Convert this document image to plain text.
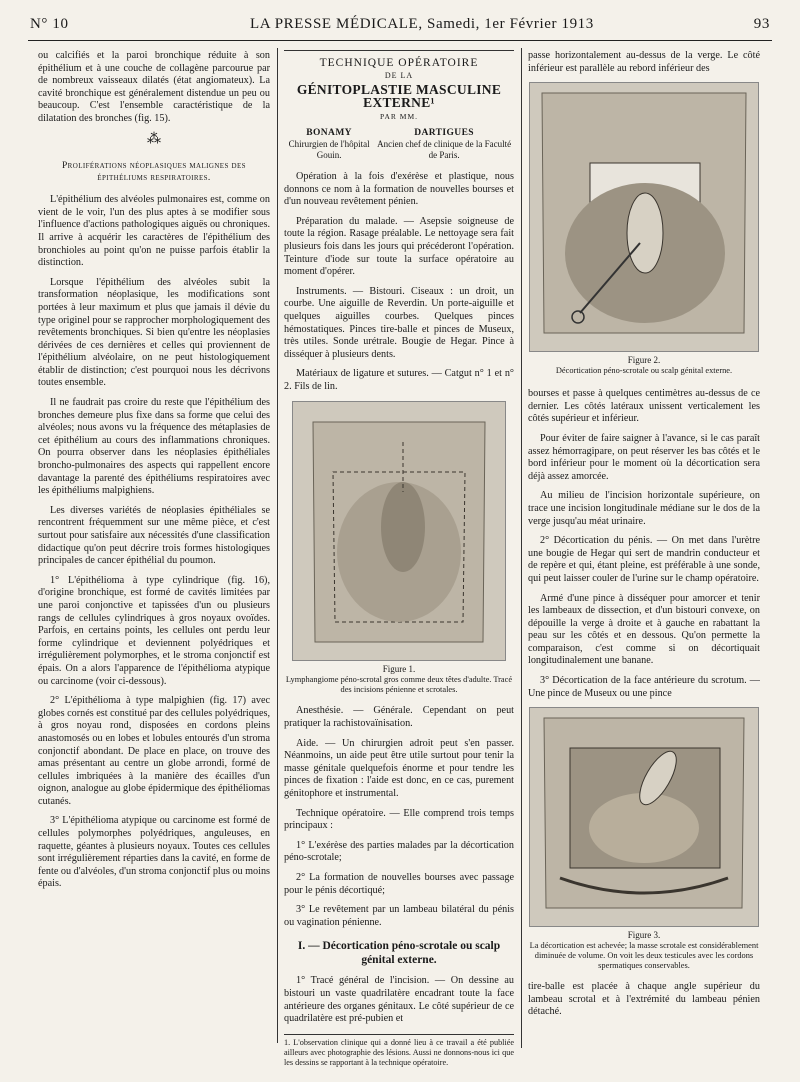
N° 10	LA PRESSE MÉDICALE, Samedi, 1er Février 1913	93

ou calcifiés et la paroi bronchique réduite à son épithélium et à une couche de collagène parcourue par de nombreux vaisseaux dilatés (état angiomateux). La cavité bronchique est généralement distendue un peu ou beaucoup. C'est l'ensemble caractéristique de la dilatation des bronches (fig. 15).

⁂
Proliférations néoplasiques malignes des épithéliums respiratoires.

L'épithélium des alvéoles pulmonaires est, comme on vient de le voir, l'un des plus aptes à se modifier sous l'influence d'actions pathologiques aiguës ou chroniques. Il arrive à acquérir les caractères de l'épithélium des bronchioles au point qu'on ne puisse parfois établir la distinction.

Lorsque l'épithélium des alvéoles subit la transformation néoplasique, les modifications sont portées à leur maximum et plus que jamais il dévie du type originel pour se rapprocher morphologiquement des revêtements bronchiques. Si bien qu'entre les néoplasies dérivées de ces dernières et celles qui proviennent de l'épithélium alvéolaire, on ne peut histologiquement établir de distinction; c'est pourquoi nous les décrivons toutes ensemble.

Il ne faudrait pas croire du reste que l'épithélium des bronches demeure plus fixe dans sa forme que celui des alvéoles; nous avons vu la fréquence des métaplasies de cet épithélium au cours des inflammations chroniques. On pourra observer dans les néoplasies épithéliales broncho-pulmonaires des aspects qui rappellent encore davantage la parenté des épithéliums respiratoires avec les épithéliums malpighiens.

Les diverses variétés de néoplasies épithéliales se rencontrent fréquemment sur une même pièce, et c'est surtout pour satisfaire aux nécessités d'une classification didactique qu'on peut décrire trois formes histologiques principales de cancer épithélial du poumon.

1° L'épithélioma à type cylindrique (fig. 16), d'origine bronchique, est formé de cavités limitées par une paroi conjonctive et tapissées d'un ou plusieurs rangs de cellules cylindriques à gros noyaux ovoïdes. Parfois, en certains points, les cellules ont perdu leur forme cylindrique et deviennent polyédriques et irrégulièrement polymorphes, et le stroma conjonctif est épais. On a alors l'apparence de l'épithélioma atypique ou carcinome (voir ci-dessous).

2° L'épithélioma à type malpighien (fig. 17) avec globes cornés est constitué par des cellules polyédriques, à gros noyau rond, disposées en cordons pleins anastomosés ou en lobes et lobules entourés d'un stroma conjonctif abondant. De place en place, on trouve des amas présentant au centre un globe arrondi, formé de cellules imbriquées à la manière des écailles d'un oignon, analogue au globe épidermique des épithéliomas cutanés.

3° L'épithélioma atypique ou carcinome est formé de cellules polymorphes polyédriques, anguleuses, en raquette, géantes à plusieurs noyaux. Toutes ces cellules sont irrégulièrement réparties dans la cavité, en forme de fente ou d'alvéoles, d'un stroma conjonctif plus ou moins épais.

TECHNIQUE OPÉRATOIRE
DE LA
GÉNITOPLASTIE MASCULINE EXTERNE¹
PAR MM.
BONAMY
Chirurgien de l'hôpital Gouin.
DARTIGUES
Ancien chef de clinique de la Faculté de Paris.

Opération à la fois d'exérèse et plastique, nous donnons ce nom à la formation de nouvelles bourses et d'un nouveau revêtement pénien.

Préparation du malade. — Asepsie soigneuse de toute la région. Rasage préalable. Le nettoyage sera fait plusieurs fois dans les jours qui précéderont l'opération. Teinture d'iode sur toute la surface opératoire au moment d'opérer.

Instruments. — Bistouri. Ciseaux : un droit, un courbe. Une aiguille de Reverdin. Un porte-aiguille et quelques aiguilles courbes. Quelques pinces hémostatiques. Pinces tire-balle et pinces de Museux, très utiles. Sonde urétrale. Bougie de Hegar. Pince à disséquer à plusieurs dents.

Matériaux de ligature et sutures. — Catgut n° 1 et n° 2. Fils de lin.

Figure 1.
Lymphangiome péno-scrotal gros comme deux têtes d'adulte. Tracé des incisions pénienne et scrotales.

Anesthésie. — Générale. Cependant on peut pratiquer la rachistovaïnisation.

Aide. — Un chirurgien adroit peut s'en passer. Néanmoins, un aide peut être utile surtout pour tenir la masse génitale quelquefois énorme et pour tendre les pinces de fixation : l'aide est donc, en ce cas, purement génitophore et instrumental.

Technique opératoire. — Elle comprend trois temps principaux :

1° L'exérèse des parties malades par la décortication péno-scrotale;

2° La formation de nouvelles bourses avec passage pour le pénis décortiqué;

3° Le revêtement par un lambeau bilatéral du pénis ou vagination pénienne.

I. — Décortication péno-scrotale ou scalp génital externe.

1° Tracé général de l'incision. — On dessine au bistouri un vaste quadrilatère encadrant toute la face antérieure des organes génitaux. Le côté supérieur de ce quadrilatère est pré-pubien et

1. L'observation clinique qui a donné lieu à ce travail a été publiée ailleurs avec photographie des lésions. Aussi ne donnons-nous ici que les dessins se rapportant à la technique opératoire.

passe horizontalement au-dessus de la verge. Le côté inférieur est parallèle au rebord inférieur des

Figure 2.
Décortication péno-scrotale ou scalp génital externe.

bourses et passe à quelques centimètres au-dessus de ce dernier. Les côtés latéraux unissent verticalement les côtés supérieur et inférieur.

Pour éviter de faire saigner à l'avance, si le cas paraît assez hémorragipare, on peut réserver les bas côtés et le bord inférieur pour le moment où la décortication sera déjà assez amorcée.

Au milieu de l'incision horizontale supérieure, on trace une incision longitudinale médiane sur le dos de la verge jusqu'au méat urinaire.

2° Décortication du pénis. — On met dans l'urètre une bougie de Hegar qui sert de mandrin conducteur et de repère et qui, étant pleine, est préférable à une sonde, qui peut laisser couler de l'urine sur le champ opératoire.

Armé d'une pince à disséquer pour amorcer et tenir les lambeaux de dissection, et d'un bistouri convexe, on dépouille la verge à droite et à gauche en rabattant la peau sur les côtés et en dessous. Qu'on permette la comparaison, c'est comme si on décortiquait longitudinalement une banane.

3° Décortication de la face antérieure du scrotum. — Une pince de Museux ou une pince

Figure 3.
La décortication est achevée; la masse scrotale est considérablement diminuée de volume. On voit les deux testicules avec les cordons spermatiques conservables.

tire-balle est placée à chaque angle supérieur du lambeau scrotal et à l'extrémité du lambeau pénien détaché.
